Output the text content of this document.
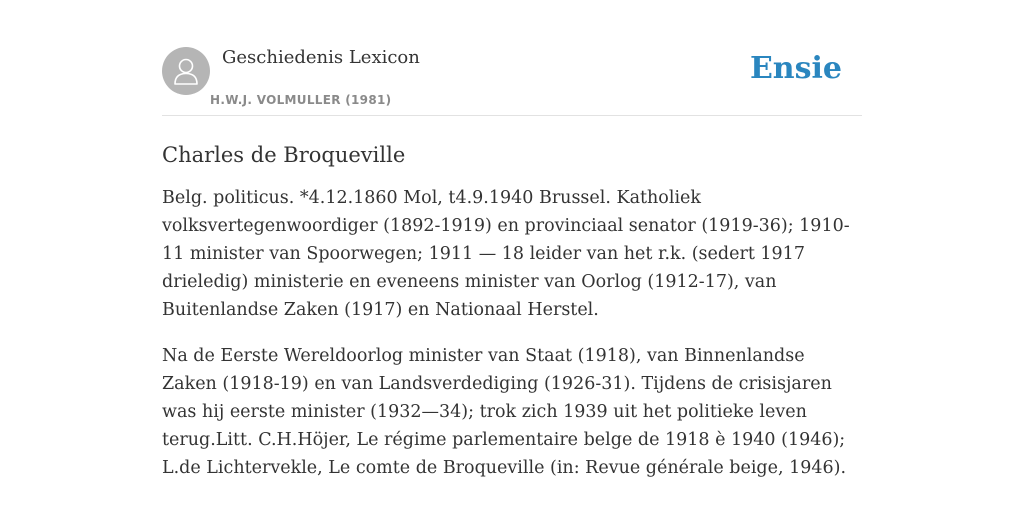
Geschiedenis Lexicon
H.W.J. VOLMULLER (1981)
Ensie
Charles de Broqueville

Belg. politicus. *4.12.1860 Mol, t4.9.1940 Brussel. Katholiek volksvertegenwoordiger (1892-1919) en provinciaal senator (1919-36); 1910-11 minister van Spoorwegen; 1911 — 18 leider van het r.k. (sedert 1917 drieledig) ministerie en eveneens minister van Oorlog (1912-17), van Buitenlandse Zaken (1917) en Nationaal Herstel.

Na de Eerste Wereldoorlog minister van Staat (1918), van Binnenlandse Zaken (1918-19) en van Landsverdediging (1926-31). Tijdens de crisisjaren was hij eerste minister (1932—34); trok zich 1939 uit het politieke leven terug.Litt. C.H.Höjer, Le régime parlementaire belge de 1918 è 1940 (1946); L.de Lichtervekle, Le comte de Broqueville (in: Revue générale beige, 1946).
